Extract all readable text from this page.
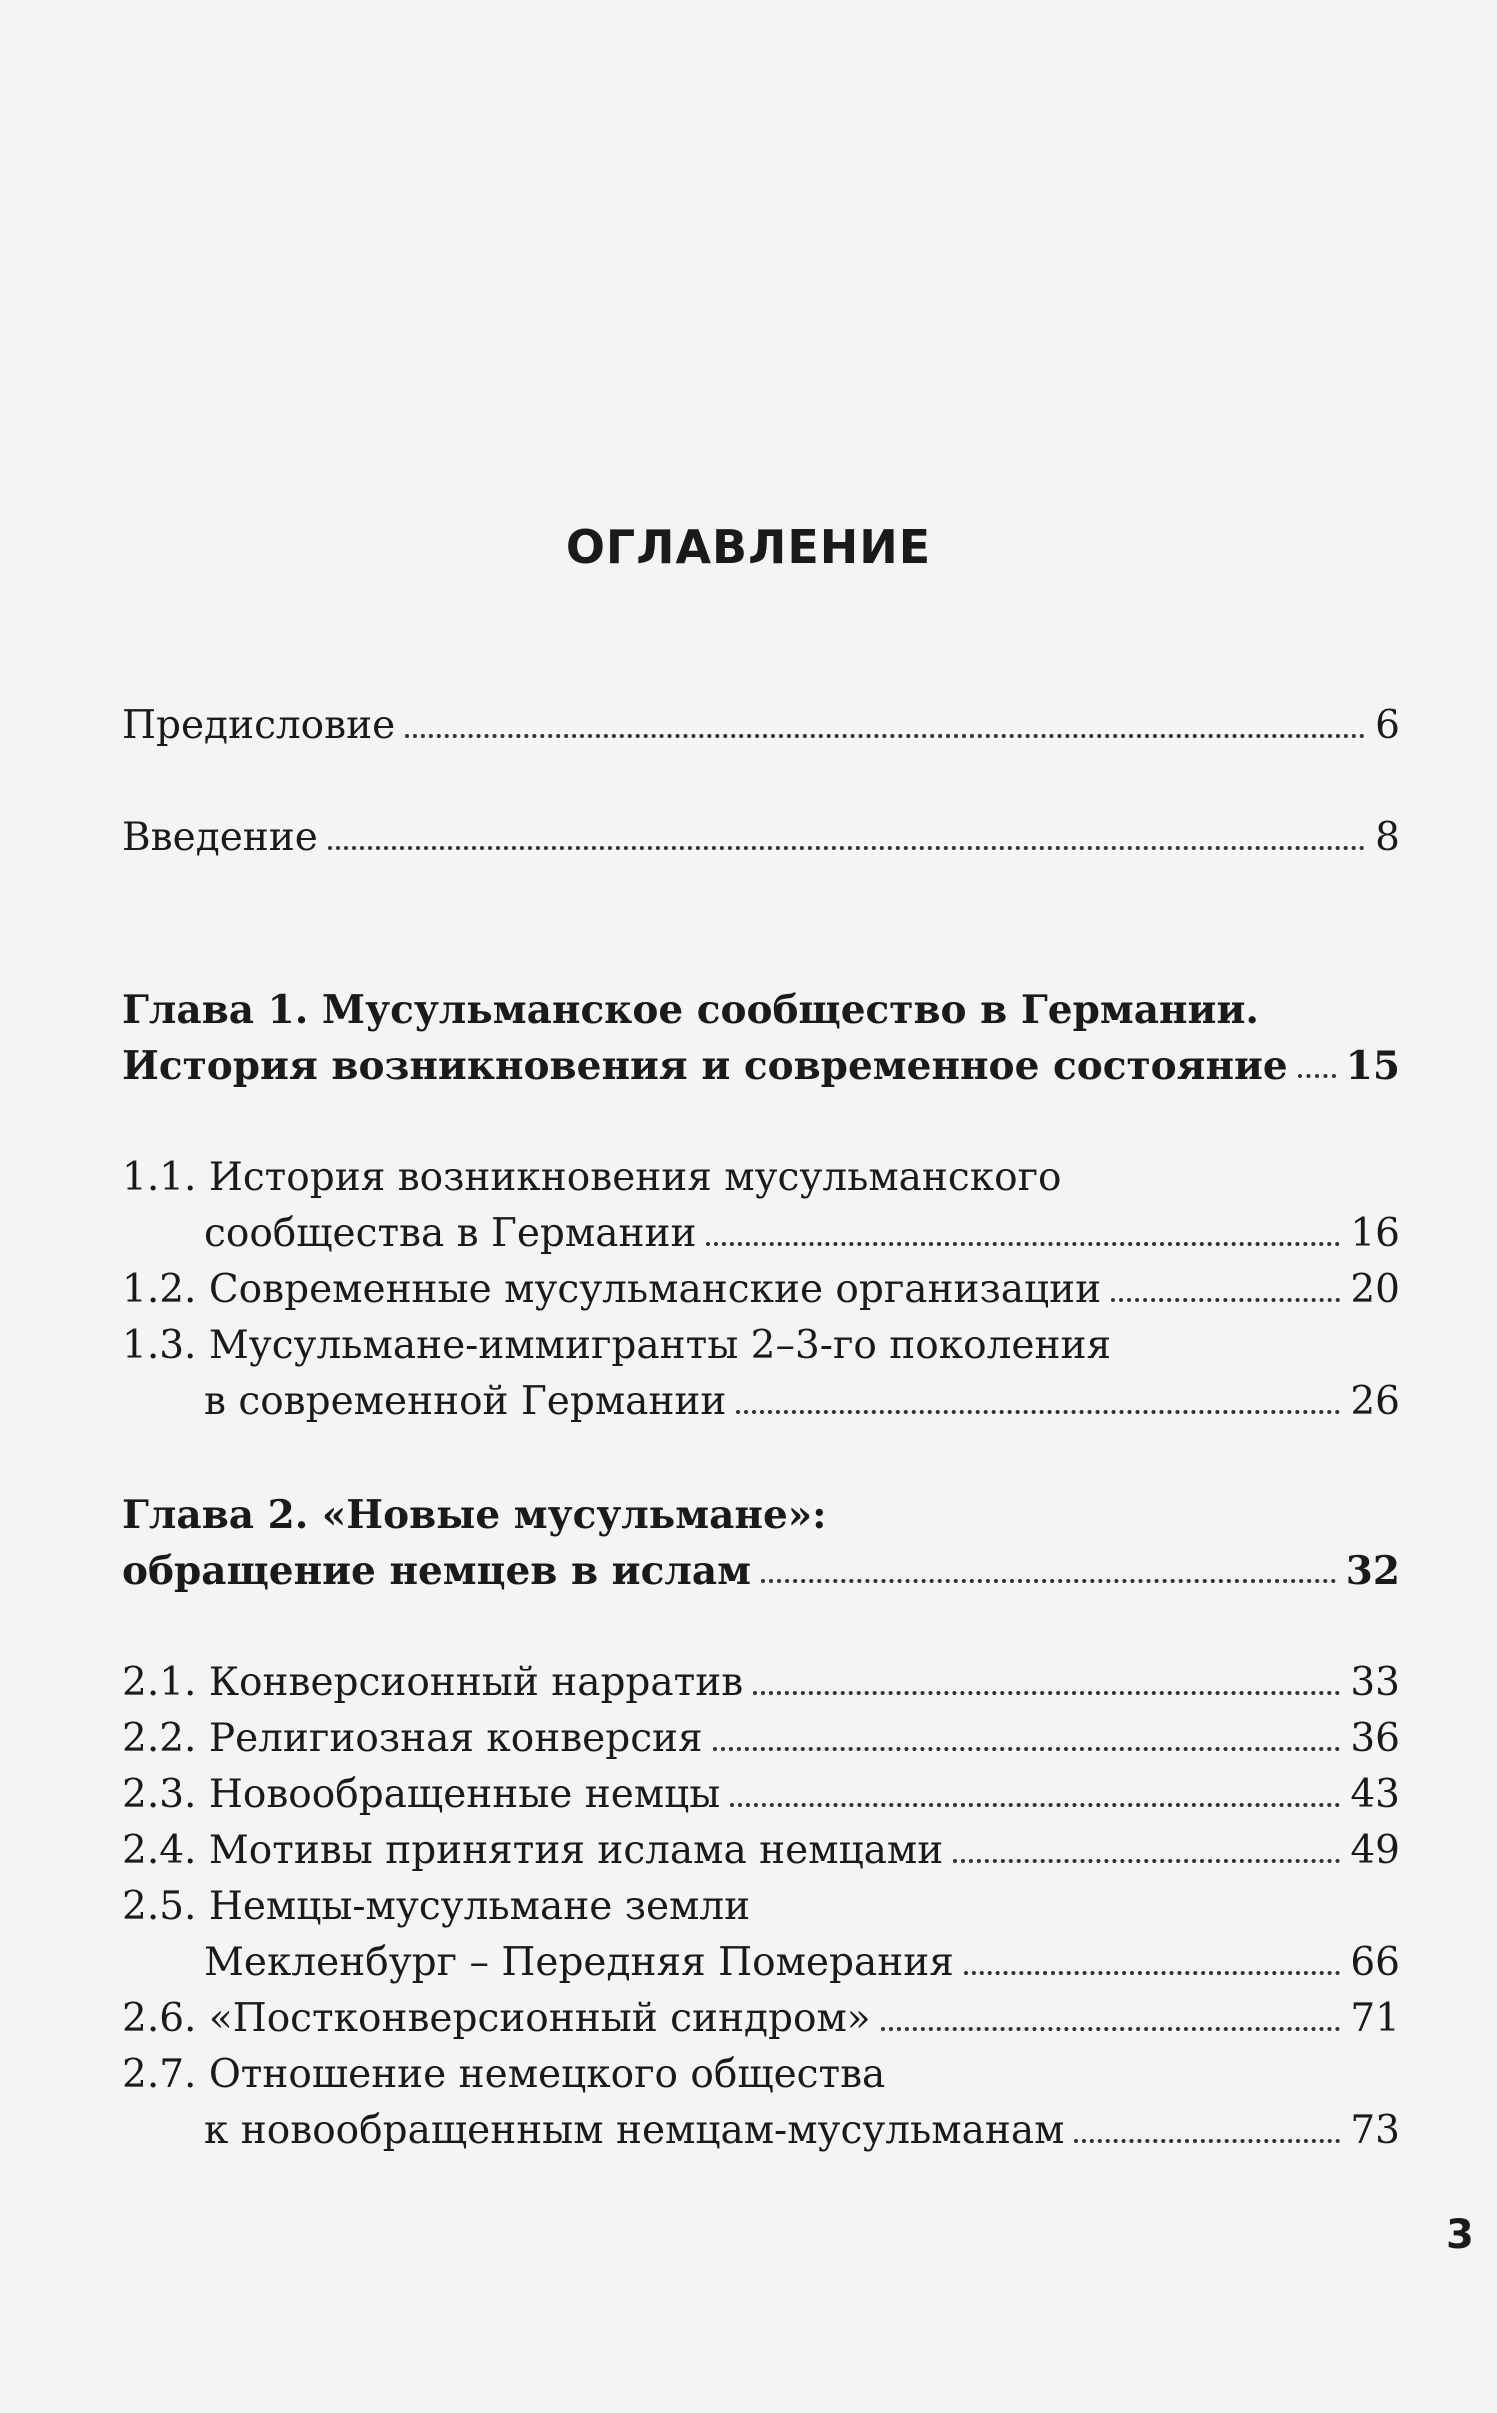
ОГЛАВЛЕНИЕ
Предисловие	6
Введение	8
Глава 1. Мусульманское сообщество в Германии.
История возникновения и современное состояние 15
1.1. История возникновения мусульманского
сообщества в Германии	16
1.2. Современные мусульманские организации	20
1.3. Мусульмане-иммигранты 2–3-го поколения
в современной Германии	26
Глава 2. «Новые мусульмане»:
обращение немцев в ислам	32
2.1. Конверсионный нарратив	33
2.2. Религиозная конверсия	36
2.3. Новообращенные немцы	43
2.4. Мотивы принятия ислама немцами	49
2.5. Немцы-мусульмане земли
Мекленбург – Передняя Померания	66
2.6. «Постконверсионный синдром»	71
2.7. Отношение немецкого общества
к новообращенным немцам-мусульманам	73
3
